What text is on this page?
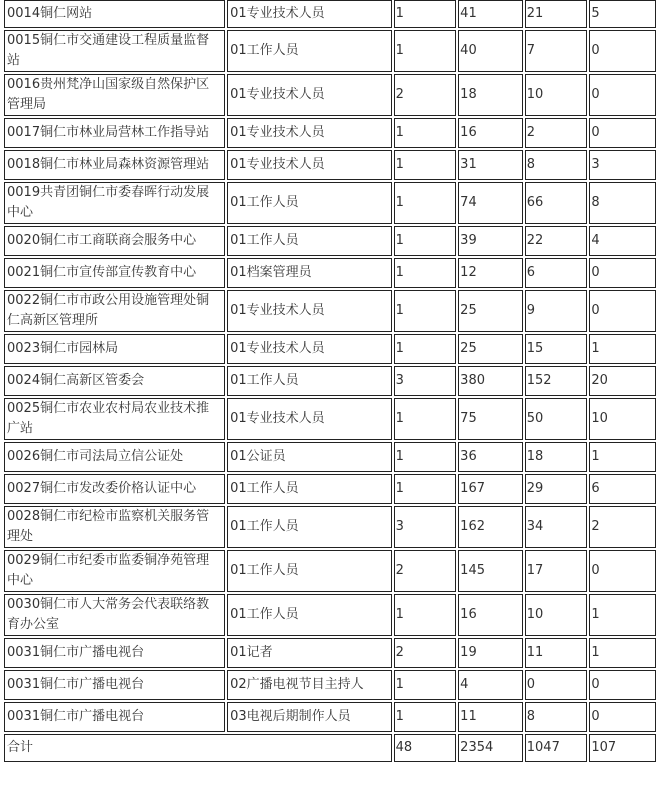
0014铜仁网站	01专业技术人员	1	41	21	5
0015铜仁市交通建设工程质量监督站	01工作人员	1	40	7	0
0016贵州梵净山国家级自然保护区管理局	01专业技术人员	2	18	10	0
0017铜仁市林业局营林工作指导站	01专业技术人员	1	16	2	0
0018铜仁市林业局森林资源管理站	01专业技术人员	1	31	8	3
0019共青团铜仁市委春晖行动发展中心	01工作人员	1	74	66	8
0020铜仁市工商联商会服务中心	01工作人员	1	39	22	4
0021铜仁市宣传部宣传教育中心	01档案管理员	1	12	6	0
0022铜仁市市政公用设施管理处铜仁高新区管理所	01专业技术人员	1	25	9	0
0023铜仁市园林局	01专业技术人员	1	25	15	1
0024铜仁高新区管委会	01工作人员	3	380	152	20
0025铜仁市农业农村局农业技术推广站	01专业技术人员	1	75	50	10
0026铜仁市司法局立信公证处	01公证员	1	36	18	1
0027铜仁市发改委价格认证中心	01工作人员	1	167	29	6
0028铜仁市纪检市监察机关服务管理处	01工作人员	3	162	34	2
0029铜仁市纪委市监委铜净苑管理中心	01工作人员	2	145	17	0
0030铜仁市人大常务会代表联络教育办公室	01工作人员	1	16	10	1
0031铜仁市广播电视台	01记者	2	19	11	1
0031铜仁市广播电视台	02广播电视节目主持人	1	4	0	0
0031铜仁市广播电视台	03电视后期制作人员	1	11	8	0
合计		48	2354	1047	107
